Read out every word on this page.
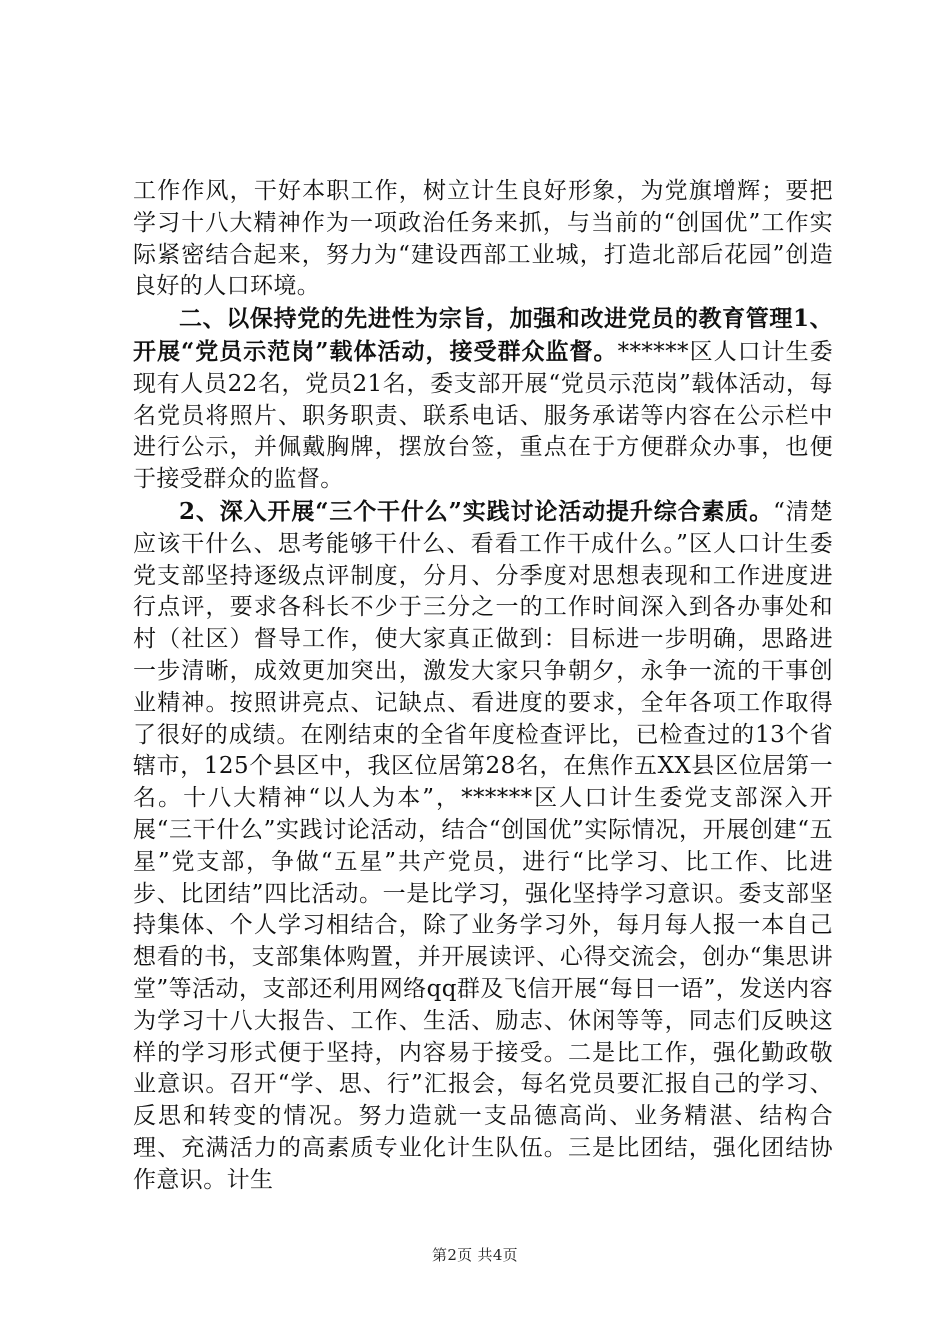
工作作风，干好本职工作，树立计生良好形象，为党旗增辉；要把学习十八大精神作为一项政治任务来抓，与当前的“创国优”工作实际紧密结合起来，努力为“建设西部工业城，打造北部后花园”创造良好的人口环境。

二、以保持党的先进性为宗旨，加强和改进党员的教育管理1、开展“党员示范岗”载体活动，接受群众监督。******区人口计生委现有人员22名，党员21名，委支部开展“党员示范岗”载体活动，每名党员将照片、职务职责、联系电话、服务承诺等内容在公示栏中进行公示，并佩戴胸牌，摆放台签，重点在于方便群众办事，也便于接受群众的监督。

2、深入开展“三个干什么”实践讨论活动提升综合素质。“清楚应该干什么、思考能够干什么、看看工作干成什么。”区人口计生委党支部坚持逐级点评制度，分月、分季度对思想表现和工作进度进行点评，要求各科长不少于三分之一的工作时间深入到各办事处和村（社区）督导工作，使大家真正做到：目标进一步明确，思路进一步清晰，成效更加突出，激发大家只争朝夕，永争一流的干事创业精神。按照讲亮点、记缺点、看进度的要求，全年各项工作取得了很好的成绩。在刚结束的全省年度检查评比，已检查过的13个省辖市，125个县区中，我区位居第28名，在焦作五XX县区位居第一名。十八大精神“以人为本”，******区人口计生委党支部深入开展“三干什么”实践讨论活动，结合“创国优”实际情况，开展创建“五星”党支部，争做“五星”共产党员，进行“比学习、比工作、比进步、比团结”四比活动。一是比学习，强化坚持学习意识。委支部坚持集体、个人学习相结合，除了业务学习外，每月每人报一本自己想看的书，支部集体购置，并开展读评、心得交流会，创办“集思讲堂”等活动，支部还利用网络qq群及飞信开展“每日一语”，发送内容为学习十八大报告、工作、生活、励志、休闲等等，同志们反映这样的学习形式便于坚持，内容易于接受。二是比工作，强化勤政敬业意识。召开“学、思、行”汇报会，每名党员要汇报自己的学习、反思和转变的情况。努力造就一支品德高尚、业务精湛、结构合理、充满活力的高素质专业化计生队伍。三是比团结，强化团结协作意识。计生

第2页 共4页
